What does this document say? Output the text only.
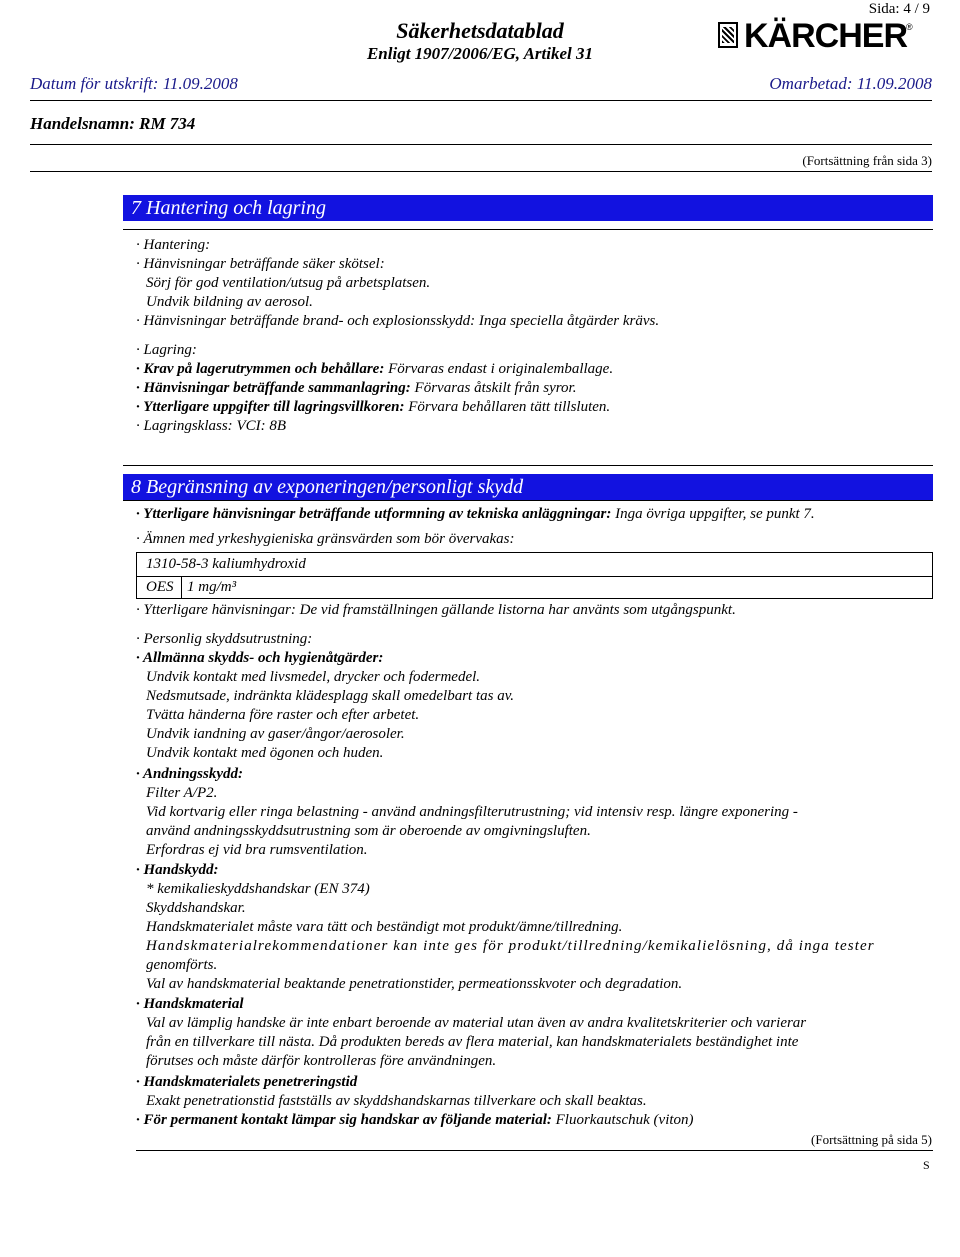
Sida: 4 / 9
Säkerhetsdatablad
Enligt 1907/2006/EG, Artikel 31	KÄRCHER ®
Datum för utskrift: 11.09.2008	Omarbetad: 11.09.2008
Handelsnamn: RM 734
(Fortsättning från sida 3)
7 Hantering och lagring
· Hantering:
· Hänvisningar beträffande säker skötsel:
Sörj för god ventilation/utsug på arbetsplatsen.
Undvik bildning av aerosol.
· Hänvisningar beträffande brand- och explosionsskydd: Inga speciella åtgärder krävs.
· Lagring:
· Krav på lagerutrymmen och behållare: Förvaras endast i originalemballage.
· Hänvisningar beträffande sammanlagring: Förvaras åtskilt från syror.
· Ytterligare uppgifter till lagringsvillkoren: Förvara behållaren tätt tillsluten.
· Lagringsklass: VCI: 8B
8 Begränsning av exponeringen/personligt skydd
· Ytterligare hänvisningar beträffande utformning av tekniska anläggningar: Inga övriga uppgifter, se punkt 7.
· Ämnen med yrkeshygieniska gränsvärden som bör övervakas:
1310-58-3 kaliumhydroxid
OES 1 mg/m³
· Ytterligare hänvisningar: De vid framställningen gällande listorna har använts som utgångspunkt.
· Personlig skyddsutrustning:
· Allmänna skydds- och hygienåtgärder:
Undvik kontakt med livsmedel, drycker och fodermedel.
Nedsmutsade, indränkta klädesplagg skall omedelbart tas av.
Tvätta händerna före raster och efter arbetet.
Undvik iandning av gaser/ångor/aerosoler.
Undvik kontakt med ögonen och huden.
· Andningsskydd:
Filter A/P2.
Vid kortvarig eller ringa belastning - använd andningsfilterutrustning; vid intensiv resp. längre exponering -
använd andningsskyddsutrustning som är oberoende av omgivningsluften.
Erfordras ej vid bra rumsventilation.
· Handskydd:
* kemikalieskyddshandskar (EN 374)
Skyddshandskar.
Handskmaterialet måste vara tätt och beständigt mot produkt/ämne/tillredning.
Handskmaterialrekommendationer kan inte ges för produkt/tillredning/kemikalielösning, då inga tester
genomförts.
Val av handskmaterial beaktande penetrationstider, permeationsskvoter och degradation.
· Handskmaterial
Val av lämplig handske är inte enbart beroende av material utan även av andra kvalitetskriterier och varierar
från en tillverkare till nästa. Då produkten bereds av flera material, kan handskmaterialets beständighet inte
förutses och måste därför kontrolleras före användningen.
· Handskmaterialets penetreringstid
Exakt penetrationstid fastställs av skyddshandskarnas tillverkare och skall beaktas.
· För permanent kontakt lämpar sig handskar av följande material: Fluorkautschuk (viton)
(Fortsättning på sida 5)
S
